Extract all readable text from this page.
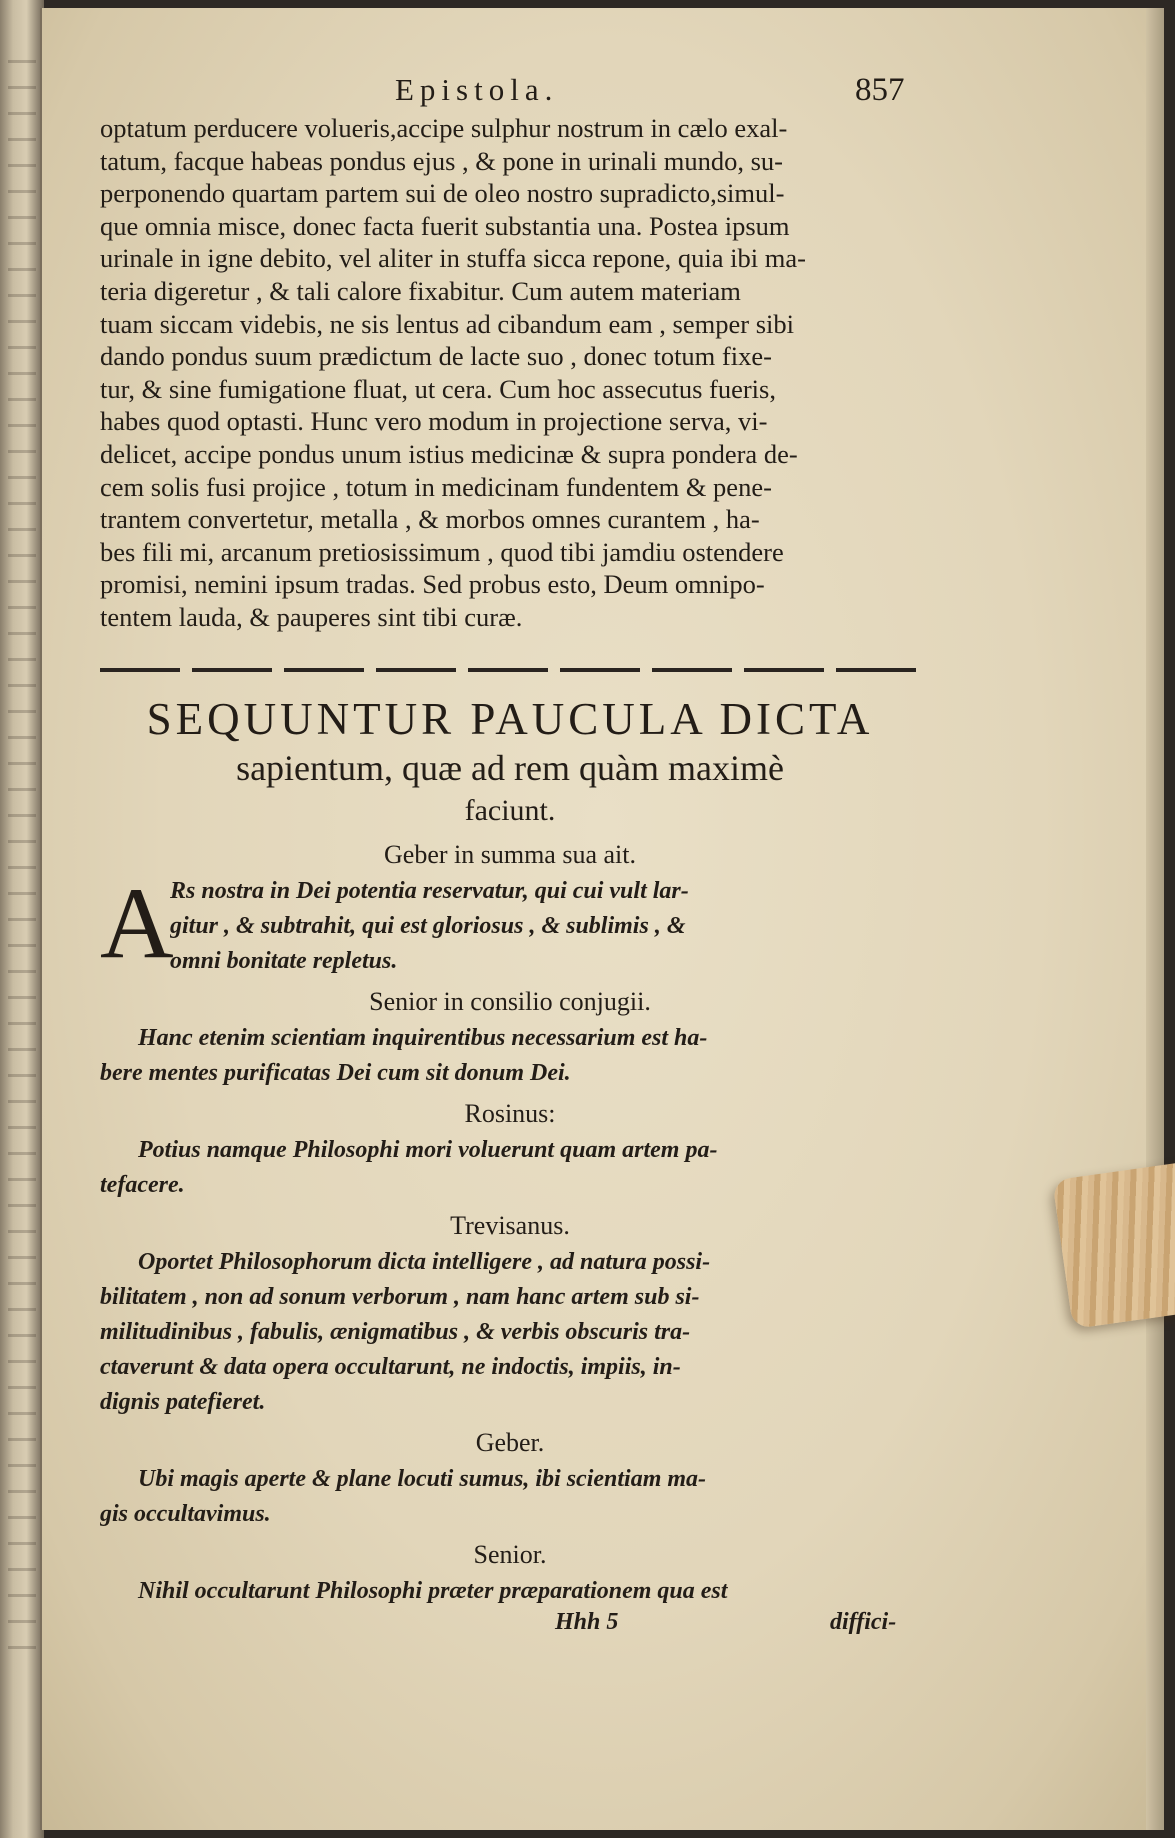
Epistola.	857
optatum perducere volueris,accipe sulphur nostrum in cælo exal-
tatum, facque habeas pondus ejus , & pone in urinali mundo, su-
perponendo quartam partem sui de oleo nostro supradicto,simul-
que omnia misce, donec facta fuerit substantia una. Postea ipsum
urinale in igne debito, vel aliter in stuffa sicca repone, quia ibi ma-
teria digeretur , & tali calore fixabitur. Cum autem materiam
tuam siccam videbis, ne sis lentus ad cibandum eam , semper sibi
dando pondus suum prædictum de lacte suo , donec totum fixe-
tur, & sine fumigatione fluat, ut cera. Cum hoc assecutus fueris,
habes quod optasti. Hunc vero modum in projectione serva, vi-
delicet, accipe pondus unum istius medicinæ & supra pondera de-
cem solis fusi projice , totum in medicinam fundentem & pene-
trantem convertetur, metalla , & morbos omnes curantem , ha-
bes fili mi, arcanum pretiosissimum , quod tibi jamdiu ostendere
promisi, nemini ipsum tradas. Sed probus esto, Deum omnipo-
tentem lauda, & pauperes sint tibi curæ.
SEQUUNTUR PAUCULA DICTA
sapientum, quæ ad rem quàm maximè
faciunt.
Geber in summa sua ait.
A
Rs nostra in Dei potentia reservatur, qui cui vult lar-
gitur , & subtrahit, qui est gloriosus , & sublimis , &
omni bonitate repletus.
Senior in consilio conjugii.
Hanc etenim scientiam inquirentibus necessarium est ha-
bere mentes purificatas Dei cum sit donum Dei.
Rosinus:
Potius namque Philosophi mori voluerunt quam artem pa-
tefacere.
Trevisanus.
Oportet Philosophorum dicta intelligere , ad natura possi-
bilitatem , non ad sonum verborum , nam hanc artem sub si-
militudinibus , fabulis, ænigmatibus , & verbis obscuris tra-
ctaverunt & data opera occultarunt, ne indoctis, impiis, in-
dignis patefieret.
Geber.
Ubi magis aperte & plane locuti sumus, ibi scientiam ma-
gis occultavimus.
Senior.
Nihil occultarunt Philosophi præter præparationem qua est
Hhh 5	diffici-
